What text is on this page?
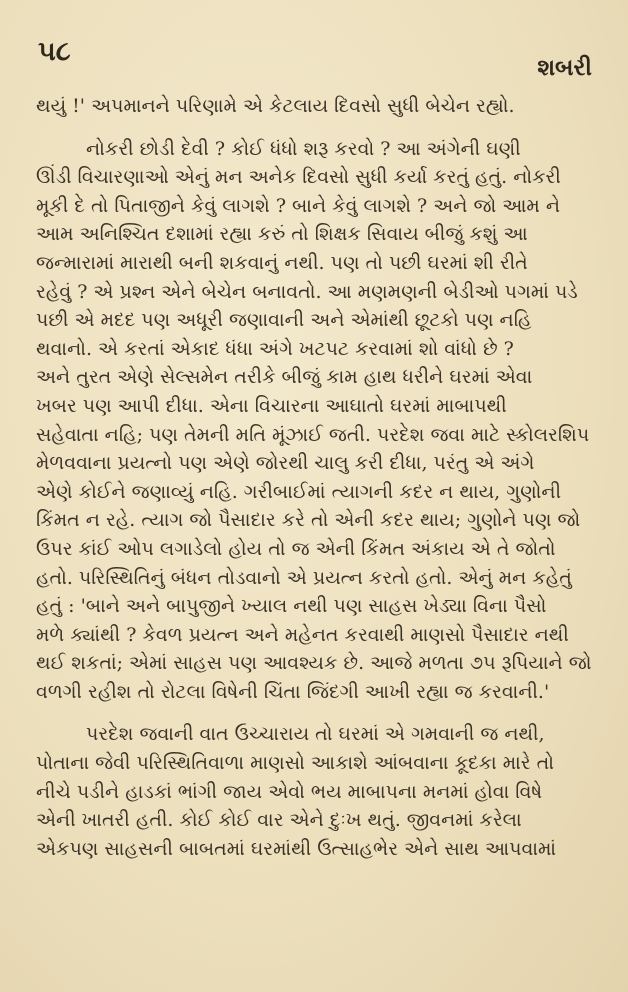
૫૮
શબરી
થયું !' અપમાનને પરિણામે એ કેટલાય દિવસો સુધી બેચેન રહ્યો.
નોકરી છોડી દેવી ? કોઈ ધંધો શરૂ કરવો ? આ અંગેની ઘણી
ઊંડી વિચારણાઓ એનું મન અનેક દિવસો સુધી કર્યા કરતું હતું. નોકરી
મૂકી દે તો પિતાજીને કેવું લાગશે ? બાને કેવું લાગશે ? અને જો આમ ને
આમ અનિશ્ચિત દશામાં રહ્યા કરું તો શિક્ષક સિવાય બીજું કશું આ
જન્મારામાં મારાથી બની શકવાનું નથી. પણ તો પછી ઘરમાં શી રીતે
રહેવું ? એ પ્રશ્ન એને બેચેન બનાવતો. આ મણમણની બેડીઓ પગમાં પડે
પછી એ મદદ પણ અધૂરી જણાવાની અને એમાંથી છૂટકો પણ નહિ
થવાનો. એ કરતાં એકાદ ધંધા અંગે ખટપટ કરવામાં શો વાંધો છે ?
અને તુરત એણે સેલ્સમેન તરીકે બીજું કામ હાથ ધરીને ઘરમાં એવા
ખબર પણ આપી દીધા. એના વિચારના આઘાતો ઘરમાં માબાપથી
સહેવાતા નહિ; પણ તેમની મતિ મૂંઝાઈ જતી. પરદેશ જવા માટે સ્કોલરશિપ
મેળવવાના પ્રયત્નો પણ એણે જોરથી ચાલુ કરી દીધા, પરંતુ એ અંગે
એણે કોઈને જણાવ્યું નહિ. ગરીબાઈમાં ત્યાગની કદર ન થાય, ગુણોની
કિંમત ન રહે. ત્યાગ જો પૈસાદાર કરે તો એની કદર થાય; ગુણોને પણ જો
ઉપર કાંઈ ઓપ લગાડેલો હોય તો જ એની કિંમત અંકાય એ તે જોતો
હતો. પરિસ્થિતિનું બંધન તોડવાનો એ પ્રયત્ન કરતો હતો. એનું મન કહેતું
હતું : 'બાને અને બાપુજીને ખ્યાલ નથી પણ સાહસ ખેડ્યા વિના પૈસો
મળે ક્યાંથી ? કેવળ પ્રયત્ન અને મહેનત કરવાથી માણસો પૈસાદાર નથી
થઈ શકતાં; એમાં સાહસ પણ આવશ્યક છે. આજે મળતા ૭૫ રૂપિયાને જો
વળગી રહીશ તો રોટલા વિષેની ચિંતા જિંદગી આખી રહ્યા જ કરવાની.'
પરદેશ જવાની વાત ઉચ્ચારાય તો ઘરમાં એ ગમવાની જ નથી,
પોતાના જેવી પરિસ્થિતિવાળા માણસો આકાશે આંબવાના કૂદકા મારે તો
નીચે પડીને હાડકાં ભાંગી જાય એવો ભય માબાપના મનમાં હોવા વિષે
એની ખાતરી હતી. કોઈ કોઈ વાર એને દુઃખ થતું. જીવનમાં કરેલા
એકપણ સાહસની બાબતમાં ઘરમાંથી ઉત્સાહભેર એને સાથ આપવામાં
